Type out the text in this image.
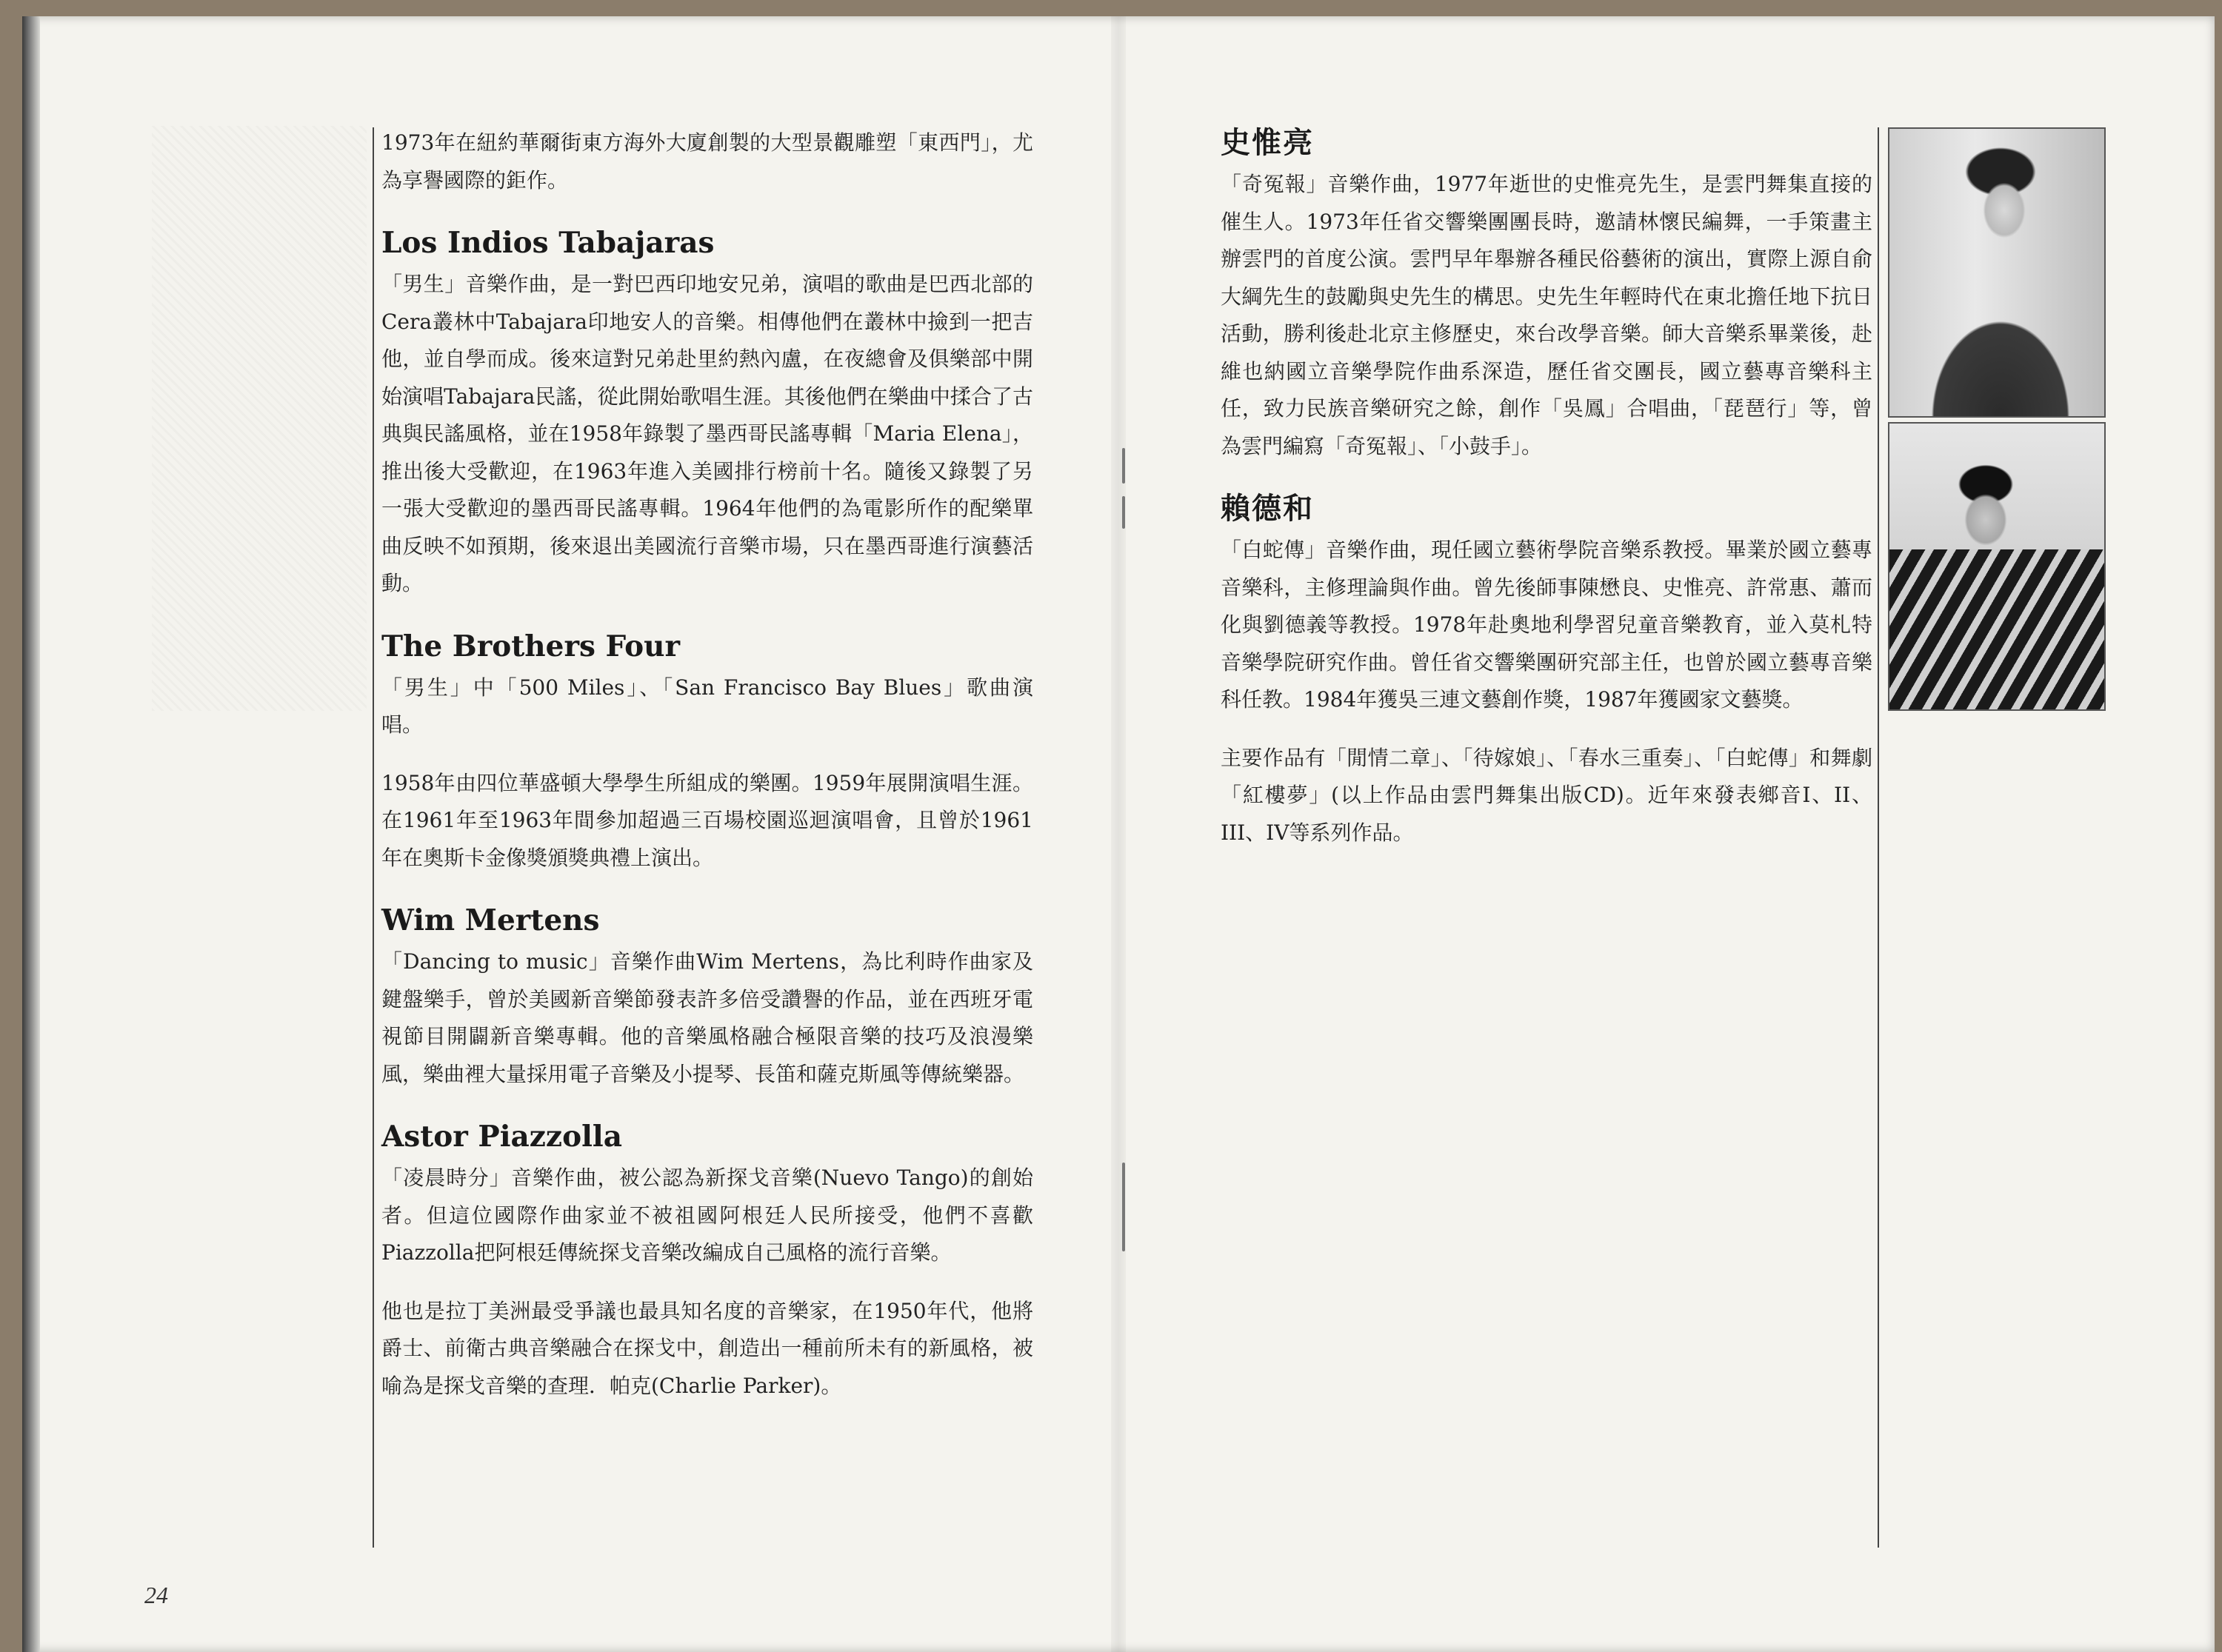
1973年在紐約華爾街東方海外大廈創製的大型景觀雕塑「東西門」，尤為享譽國際的鉅作。

Los Indios Tabajaras

「男生」音樂作曲，是一對巴西印地安兄弟，演唱的歌曲是巴西北部的Cera叢林中Tabajara印地安人的音樂。相傳他們在叢林中撿到一把吉他，並自學而成。後來這對兄弟赴里約熱內盧，在夜總會及俱樂部中開始演唱Tabajara民謠，從此開始歌唱生涯。其後他們在樂曲中揉合了古典與民謠風格，並在1958年錄製了墨西哥民謠專輯「Maria Elena」，推出後大受歡迎，在1963年進入美國排行榜前十名。隨後又錄製了另一張大受歡迎的墨西哥民謠專輯。1964年他們的為電影所作的配樂單曲反映不如預期，後來退出美國流行音樂市場，只在墨西哥進行演藝活動。

The Brothers Four

「男生」中「500 Miles」、「San Francisco Bay Blues」歌曲演唱。

1958年由四位華盛頓大學學生所組成的樂團。1959年展開演唱生涯。在1961年至1963年間參加超過三百場校園巡迴演唱會，且曾於1961年在奧斯卡金像獎頒獎典禮上演出。

Wim Mertens

「Dancing to music」音樂作曲Wim Mertens，為比利時作曲家及鍵盤樂手，曾於美國新音樂節發表許多倍受讚譽的作品，並在西班牙電視節目開闢新音樂專輯。他的音樂風格融合極限音樂的技巧及浪漫樂風，樂曲裡大量採用電子音樂及小提琴、長笛和薩克斯風等傳統樂器。

Astor Piazzolla

「凌晨時分」音樂作曲，被公認為新探戈音樂(Nuevo Tango)的創始者。但這位國際作曲家並不被祖國阿根廷人民所接受，他們不喜歡Piazzolla把阿根廷傳統探戈音樂改編成自己風格的流行音樂。

他也是拉丁美洲最受爭議也最具知名度的音樂家，在1950年代，他將爵士、前衛古典音樂融合在探戈中，創造出一種前所未有的新風格，被喻為是探戈音樂的查理．帕克(Charlie Parker)。

史惟亮

「奇冤報」音樂作曲，1977年逝世的史惟亮先生，是雲門舞集直接的催生人。1973年任省交響樂團團長時，邀請林懷民編舞，一手策畫主辦雲門的首度公演。雲門早年舉辦各種民俗藝術的演出，實際上源自俞大綱先生的鼓勵與史先生的構思。史先生年輕時代在東北擔任地下抗日活動，勝利後赴北京主修歷史，來台改學音樂。師大音樂系畢業後，赴維也納國立音樂學院作曲系深造，歷任省交團長，國立藝專音樂科主任，致力民族音樂研究之餘，創作「吳鳳」合唱曲，「琵琶行」等，曾為雲門編寫「奇冤報」、「小鼓手」。

賴德和

「白蛇傳」音樂作曲，現任國立藝術學院音樂系教授。畢業於國立藝專音樂科，主修理論與作曲。曾先後師事陳懋良、史惟亮、許常惠、蕭而化與劉德義等教授。1978年赴奧地利學習兒童音樂教育，並入莫札特音樂學院研究作曲。曾任省交響樂團研究部主任，也曾於國立藝專音樂科任教。1984年獲吳三連文藝創作獎，1987年獲國家文藝獎。

主要作品有「閒情二章」、「待嫁娘」、「春水三重奏」、「白蛇傳」和舞劇「紅樓夢」(以上作品由雲門舞集出版CD)。近年來發表鄉音I、II、III、IV等系列作品。

24
